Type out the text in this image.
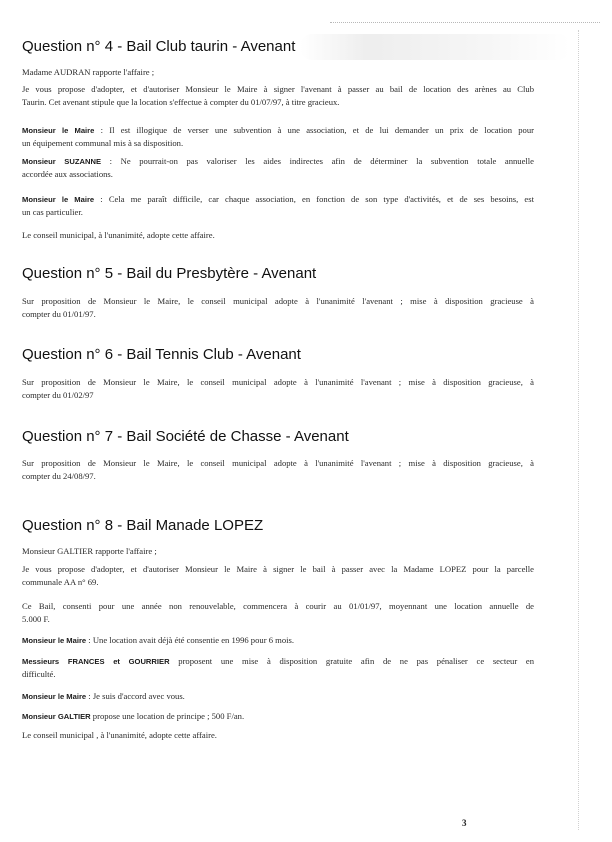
Question n° 4 - Bail Club taurin - Avenant

Madame AUDRAN rapporte l'affaire ;

Je vous propose d'adopter, et d'autoriser Monsieur le Maire à signer l'avenant à passer au bail de location des arènes au Club
Taurin. Cet avenant stipule que la location s'effectue à compter du 01/07/97, à titre gracieux.

Monsieur le Maire : Il est illogique de verser une subvention à une association, et de lui demander un prix de location pour
un équipement communal mis à sa disposition.

Monsieur SUZANNE : Ne pourrait-on pas valoriser les aides indirectes afin de déterminer la subvention totale annuelle
accordée aux associations.

Monsieur le Maire : Cela me paraît difficile, car chaque association, en fonction de son type d'activités, et de ses besoins, est
un cas particulier.

Le conseil municipal, à l'unanimité, adopte cette affaire.

Question n° 5 - Bail du Presbytère - Avenant

Sur proposition de Monsieur le Maire, le conseil municipal adopte à l'unanimité l'avenant ; mise à disposition gracieuse à
compter du 01/01/97.

Question n° 6 - Bail Tennis Club - Avenant

Sur proposition de Monsieur le Maire, le conseil municipal adopte à l'unanimité l'avenant ; mise à disposition gracieuse, à
compter du 01/02/97

Question n° 7 - Bail Société de Chasse - Avenant

Sur proposition de Monsieur le Maire, le conseil municipal adopte à l'unanimité l'avenant ; mise à disposition gracieuse, à
compter du 24/08/97.

Question n° 8 - Bail Manade LOPEZ

Monsieur GALTIER rapporte l'affaire ;

Je vous propose d'adopter, et d'autoriser Monsieur le Maire à signer le bail à passer avec la Madame LOPEZ pour la parcelle
communale AA n° 69.

Ce Bail, consenti pour une année non renouvelable, commencera à courir au 01/01/97, moyennant une location annuelle de
5.000 F.

Monsieur le Maire : Une location avait déjà été consentie en 1996 pour 6 mois.

Messieurs FRANCES et GOURRIER proposent une mise à disposition gratuite afin de ne pas pénaliser ce secteur en
difficulté.

Monsieur le Maire : Je suis d'accord avec vous.

Monsieur GALTIER propose une location de principe ; 500 F/an.

Le conseil municipal , à l'unanimité, adopte cette affaire.

3
